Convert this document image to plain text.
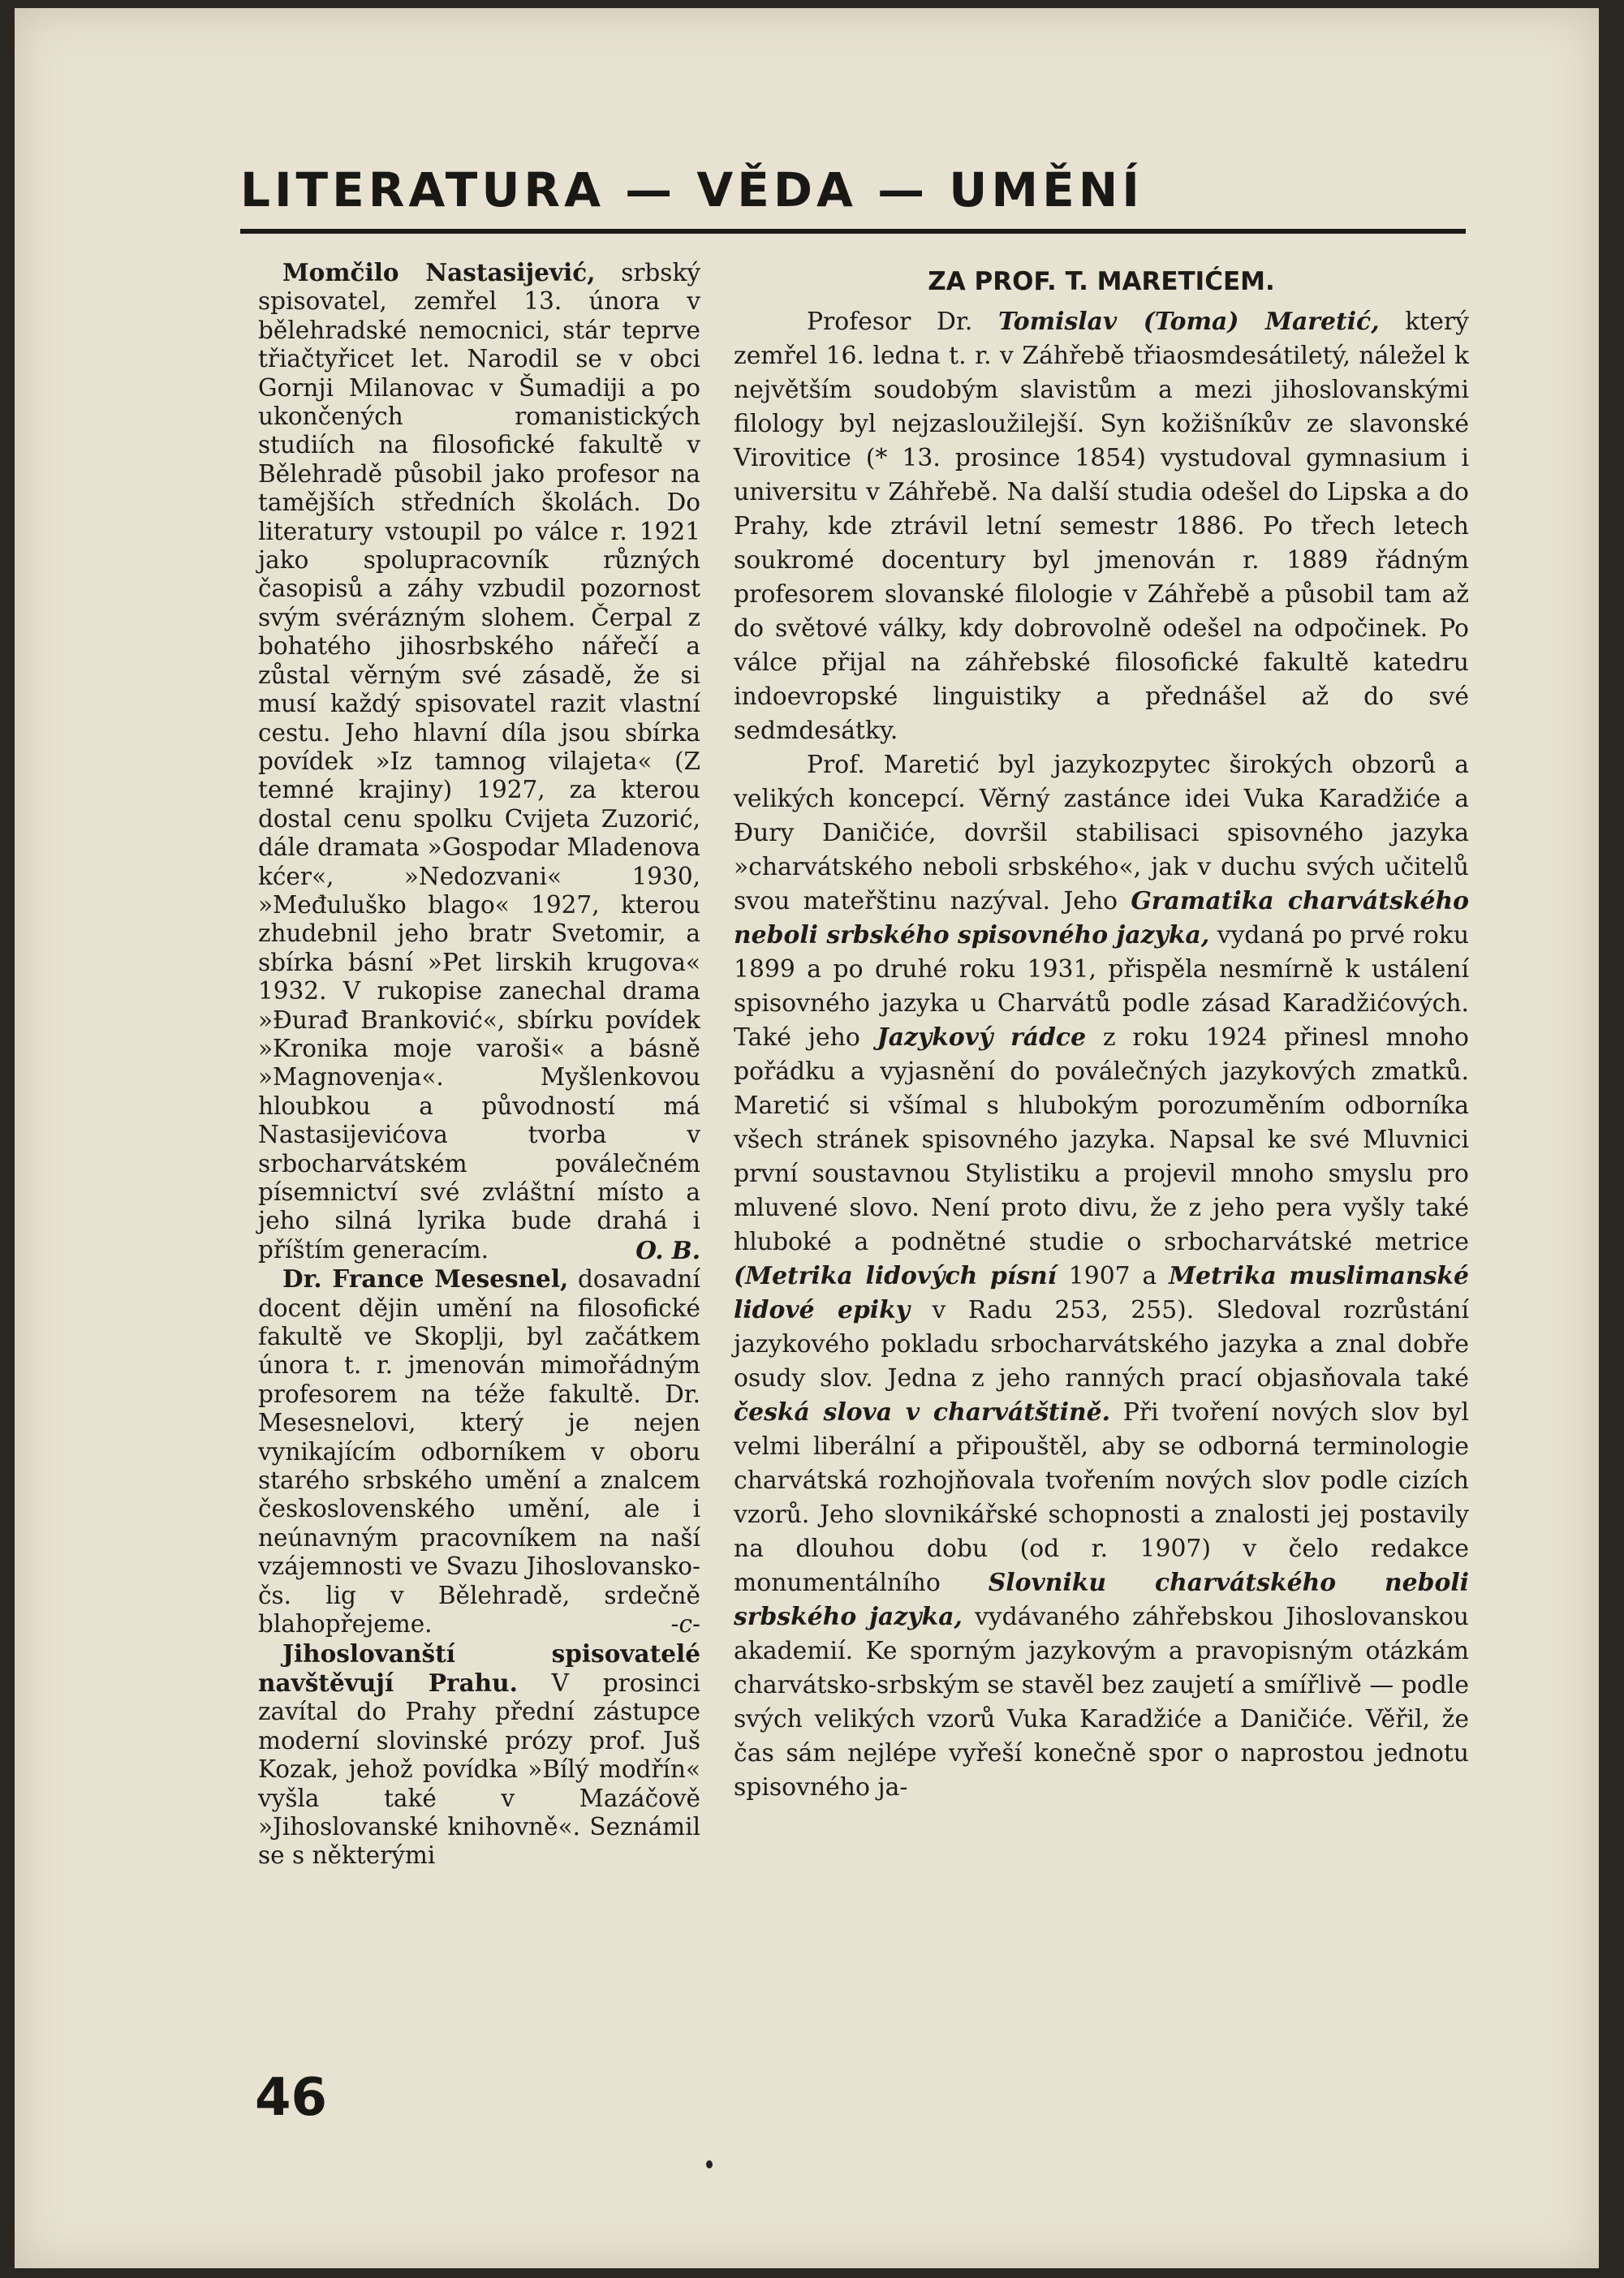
LITERATURA — VĚDA — UMĚNÍ

Momčilo Nastasijević, srbský spisovatel, zemřel 13. února v bělehradské nemocnici, stár teprve třiačtyřicet let. Narodil se v obci Gornji Milanovac v Šumadiji a po ukončených romanistických studiích na filosofické fakultě v Bělehradě působil jako profesor na tamějších středních školách. Do literatury vstoupil po válce r. 1921 jako spolupracovník různých časopisů a záhy vzbudil pozornost svým svérázným slohem. Čerpal z bohatého jihosrbského nářečí a zůstal věrným své zásadě, že si musí každý spisovatel razit vlastní cestu. Jeho hlavní díla jsou sbírka povídek »Iz tamnog vilajeta« (Z temné krajiny) 1927, za kterou dostal cenu spolku Cvijeta Zuzorić, dále dramata »Gospodar Mladenova kćer«, »Nedozvani« 1930, »Međuluško blago« 1927, kterou zhudebnil jeho bratr Svetomir, a sbírka básní »Pet lirskih krugova« 1932. V rukopise zanechal drama »Đurađ Branković«, sbírku povídek »Kronika moje varoši« a básně »Magnovenja«. Myšlenkovou hloubkou a původností má Nastasijevićova tvorba v srbocharvátském poválečném písemnictví své zvláštní místo a jeho silná lyrika bude drahá i příštím generacím.	O. B.

Dr. France Mesesnel, dosavadní docent dějin umění na filosofické fakultě ve Skoplji, byl začátkem února t. r. jmenován mimořádným profesorem na téže fakultě. Dr. Mesesnelovi, který je nejen vynikajícím odborníkem v oboru starého srbského umění a znalcem československého umění, ale i neúnavným pracovníkem na naší vzájemnosti ve Svazu Jihoslovansko-čs. lig v Bělehradě, srdečně blahopřejeme.	-c-

Jihoslovanští spisovatelé navštěvují Prahu. V prosinci zavítal do Prahy přední zástupce moderní slovinské prózy prof. Juš Kozak, jehož povídka »Bílý modřín« vyšla také v Mazáčově »Jihoslovanské knihovně«. Seznámil se s některými

ZA PROF. T. MARETIĆEM.

Profesor Dr. Tomislav (Toma) Maretić, který zemřel 16. ledna t. r. v Záhřebě třiaosmdesátiletý, náležel k největším soudobým slavistům a mezi jihoslovanskými filology byl nejzasloužilejší. Syn kožišníkův ze slavonské Virovitice (* 13. prosince 1854) vystudoval gymnasium i universitu v Záhřebě. Na další studia odešel do Lipska a do Prahy, kde ztrávil letní semestr 1886. Po třech letech soukromé docentury byl jmenován r. 1889 řádným profesorem slovanské filologie v Záhřebě a působil tam až do světové války, kdy dobrovolně odešel na odpočinek. Po válce přijal na záhřebské filosofické fakultě katedru indoevropské linguistiky a přednášel až do své sedmdesátky.

Prof. Maretić byl jazykozpytec širokých obzorů a velikých koncepcí. Věrný zastánce idei Vuka Karadžiće a Đury Daničiće, dovršil stabilisaci spisovného jazyka »charvátského neboli srbského«, jak v duchu svých učitelů svou mateřštinu nazýval. Jeho Gramatika charvátského neboli srbského spisovného jazyka, vydaná po prvé roku 1899 a po druhé roku 1931, přispěla nesmírně k ustálení spisovného jazyka u Charvátů podle zásad Karadžićových. Také jeho Jazykový rádce z roku 1924 přinesl mnoho pořádku a vyjasnění do poválečných jazykových zmatků. Maretić si všímal s hlubokým porozuměním odborníka všech stránek spisovného jazyka. Napsal ke své Mluvnici první soustavnou Stylistiku a projevil mnoho smyslu pro mluvené slovo. Není proto divu, že z jeho pera vyšly také hluboké a podnětné studie o srbocharvátské metrice (Metrika lidových písní 1907 a Metrika muslimanské lidové epiky v Radu 253, 255). Sledoval rozrůstání jazykového pokladu srbocharvátského jazyka a znal dobře osudy slov. Jedna z jeho ranných prací objasňovala také česká slova v charvátštině. Při tvoření nových slov byl velmi liberální a připouštěl, aby se odborná terminologie charvátská rozhojňovala tvořením nových slov podle cizích vzorů. Jeho slovnikářské schopnosti a znalosti jej postavily na dlouhou dobu (od r. 1907) v čelo redakce monumentálního Slovniku charvátského neboli srbského jazyka, vydávaného záhřebskou Jihoslovanskou akademií. Ke sporným jazykovým a pravopisným otázkám charvátsko-srbským se stavěl bez zaujetí a smířlivě — podle svých velikých vzorů Vuka Karadžiće a Daničiće. Věřil, že čas sám nejlépe vyřeší konečně spor o naprostou jednotu spisovného ja-

46
